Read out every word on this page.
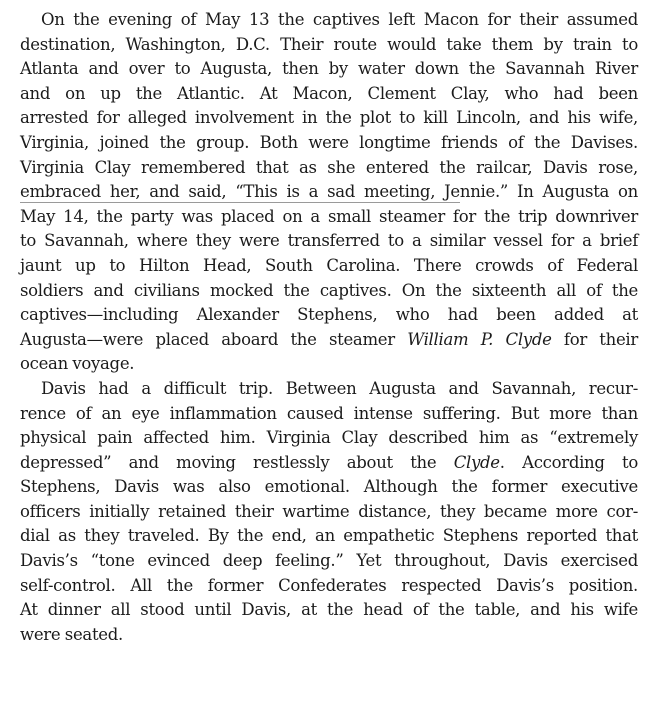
On the evening of May 13 the captives left Macon for their assumed
destination, Washington, D.C. Their route would take them by train to
Atlanta and over to Augusta, then by water down the Savannah River
and on up the Atlantic. At Macon, Clement Clay, who had been
arrested for alleged involvement in the plot to kill Lincoln, and his wife,
Virginia, joined the group. Both were longtime friends of the Davises.
Virginia Clay remembered that as she entered the railcar, Davis rose,
embraced her, and said, “This is a sad meeting, Jennie.” In Augusta on
May 14, the party was placed on a small steamer for the trip downriver
to Savannah, where they were transferred to a similar vessel for a brief
jaunt up to Hilton Head, South Carolina. There crowds of Federal
soldiers and civilians mocked the captives. On the sixteenth all of the
captives—including Alexander Stephens, who had been added at
Augusta—were placed aboard the steamer William P. Clyde for their
ocean voyage.

Davis had a difficult trip. Between Augusta and Savannah, recur-
rence of an eye inflammation caused intense suffering. But more than
physical pain affected him. Virginia Clay described him as “extremely
depressed” and moving restlessly about the Clyde. According to
Stephens, Davis was also emotional. Although the former executive
officers initially retained their wartime distance, they became more cor-
dial as they traveled. By the end, an empathetic Stephens reported that
Davis’s “tone evinced deep feeling.” Yet throughout, Davis exercised
self-control. All the former Confederates respected Davis’s position.
At dinner all stood until Davis, at the head of the table, and his wife
were seated.
